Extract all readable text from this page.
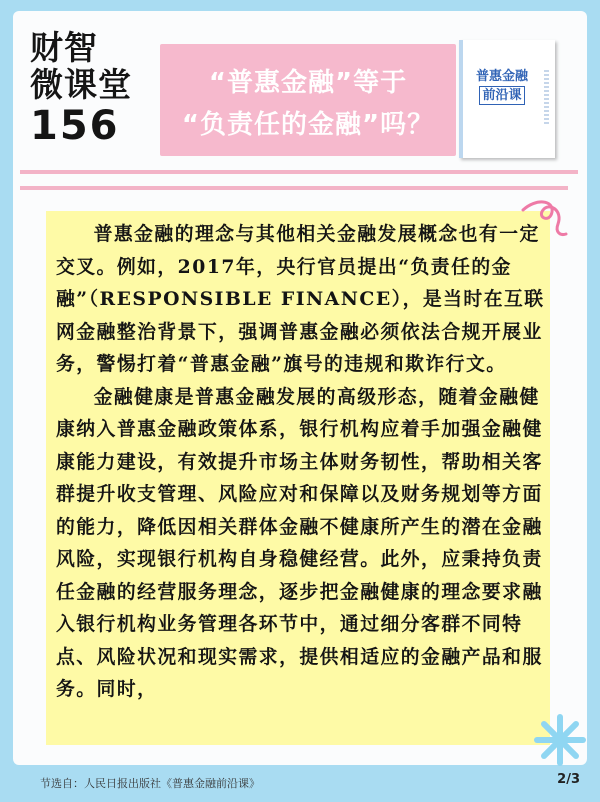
财智
微课堂
156
“普惠金融”等于
“负责任的金融”吗？
普惠金融
前沿课

普惠金融的理念与其他相关金融发展概念也有一定交叉。例如，2017年，央行官员提出“负责任的金融”（RESPONSIBLE FINANCE），是当时在互联网金融整治背景下，强调普惠金融必须依法合规开展业务，警惕打着“普惠金融”旗号的违规和欺诈行文。

金融健康是普惠金融发展的高级形态，随着金融健康纳入普惠金融政策体系，银行机构应着手加强金融健康能力建设，有效提升市场主体财务韧性，帮助相关客群提升收支管理、风险应对和保障以及财务规划等方面的能力，降低因相关群体金融不健康所产生的潜在金融风险，实现银行机构自身稳健经营。此外，应秉持负责任金融的经营服务理念，逐步把金融健康的理念要求融入银行机构业务管理各环节中，通过细分客群不同特点、风险状况和现实需求，提供相适应的金融产品和服务。同时，

节选自：人民日报出版社《普惠金融前沿课》	2/3
